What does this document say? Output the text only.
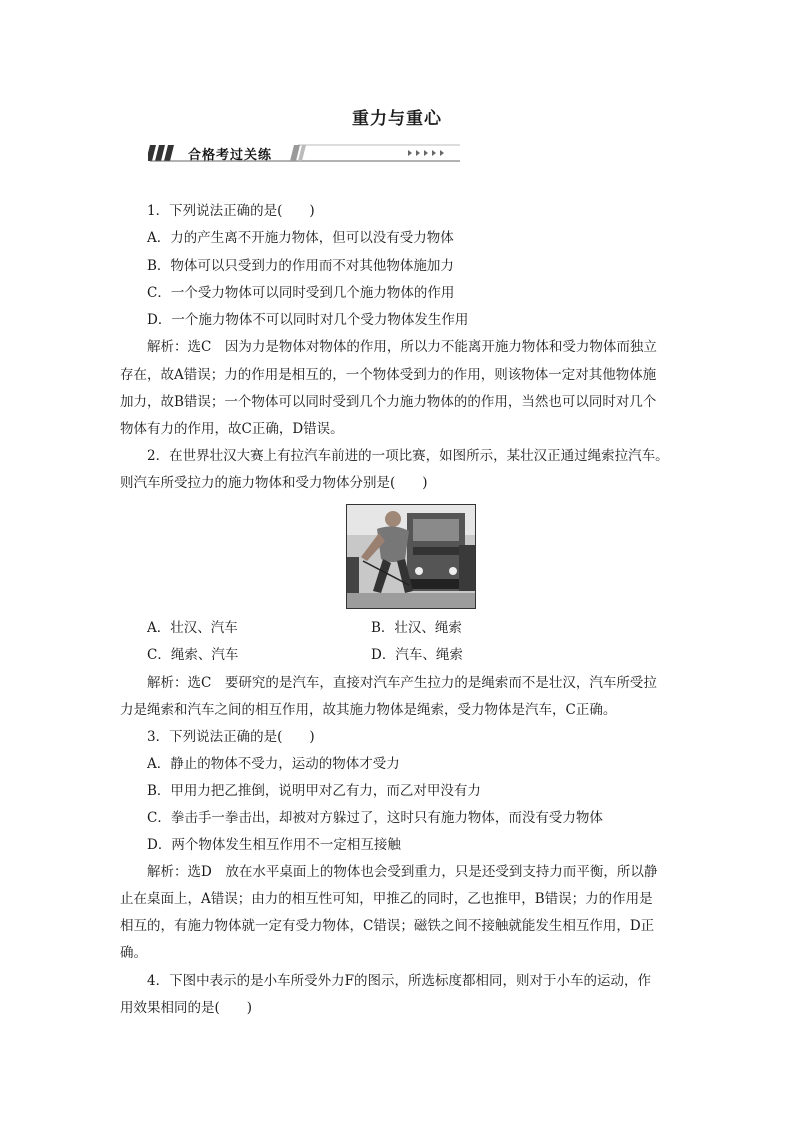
重力与重心
合格考过关练
1．下列说法正确的是(　　)
A．力的产生离不开施力物体，但可以没有受力物体
B．物体可以只受到力的作用而不对其他物体施加力
C．一个受力物体可以同时受到几个施力物体的作用
D．一个施力物体不可以同时对几个受力物体发生作用
解析：选C　因为力是物体对物体的作用，所以力不能离开施力物体和受力物体而独立
存在，故A错误；力的作用是相互的，一个物体受到力的作用，则该物体一定对其他物体施
加力，故B错误；一个物体可以同时受到几个力施力物体的的作用，当然也可以同时对几个
物体有力的作用，故C正确，D错误。
2．在世界壮汉大赛上有拉汽车前进的一项比赛，如图所示，某壮汉正通过绳索拉汽车。
则汽车所受拉力的施力物体和受力物体分别是(　　)
A．壮汉、汽车	B．壮汉、绳索
C．绳索、汽车	D．汽车、绳索
解析：选C　要研究的是汽车，直接对汽车产生拉力的是绳索而不是壮汉，汽车所受拉
力是绳索和汽车之间的相互作用，故其施力物体是绳索，受力物体是汽车，C正确。
3．下列说法正确的是(　　)
A．静止的物体不受力，运动的物体才受力
B．甲用力把乙推倒，说明甲对乙有力，而乙对甲没有力
C．拳击手一拳击出，却被对方躲过了，这时只有施力物体，而没有受力物体
D．两个物体发生相互作用不一定相互接触
解析：选D　放在水平桌面上的物体也会受到重力，只是还受到支持力而平衡，所以静
止在桌面上，A错误；由力的相互性可知，甲推乙的同时，乙也推甲，B错误；力的作用是
相互的，有施力物体就一定有受力物体，C错误；磁铁之间不接触就能发生相互作用，D正
确。
4．下图中表示的是小车所受外力F的图示，所选标度都相同，则对于小车的运动，作
用效果相同的是(　　)
